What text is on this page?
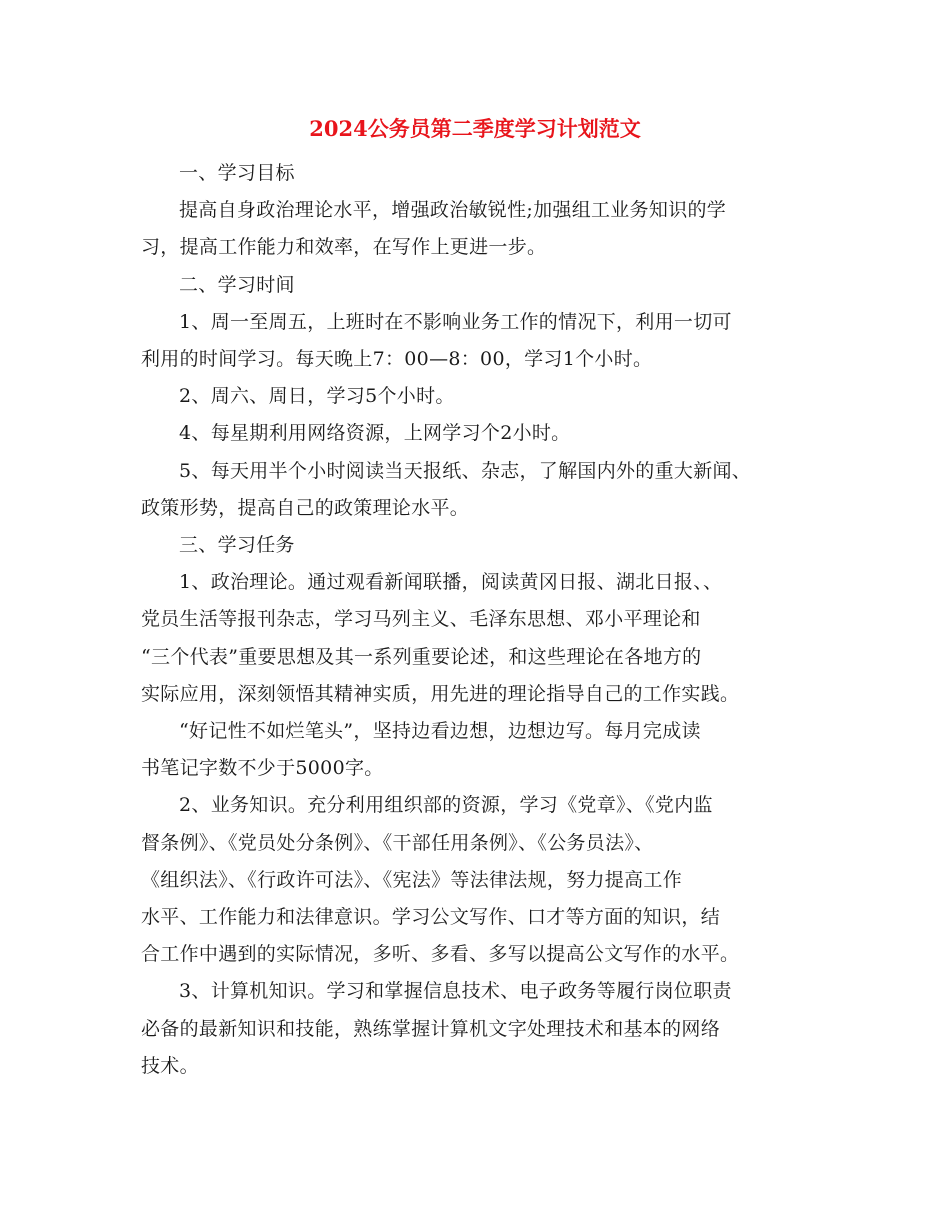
2024公务员第二季度学习计划范文
一、学习目标
提高自身政治理论水平，增强政治敏锐性;加强组工业务知识的学
习，提高工作能力和效率，在写作上更进一步。
二、学习时间
1、周一至周五，上班时在不影响业务工作的情况下，利用一切可
利用的时间学习。每天晚上7：00—8：00，学习1个小时。
2、周六、周日，学习5个小时。
4、每星期利用网络资源，上网学习个2小时。
5、每天用半个小时阅读当天报纸、杂志，了解国内外的重大新闻、
政策形势，提高自己的政策理论水平。
三、学习任务
1、政治理论。通过观看新闻联播，阅读黄冈日报、湖北日报、、
党员生活等报刊杂志，学习马列主义、毛泽东思想、邓小平理论和
“三个代表”重要思想及其一系列重要论述，和这些理论在各地方的
实际应用，深刻领悟其精神实质，用先进的理论指导自己的工作实践。
“好记性不如烂笔头”，坚持边看边想，边想边写。每月完成读
书笔记字数不少于5000字。
2、业务知识。充分利用组织部的资源，学习《党章》、《党内监
督条例》、《党员处分条例》、《干部任用条例》、《公务员法》、
《组织法》、《行政许可法》、《宪法》等法律法规，努力提高工作
水平、工作能力和法律意识。学习公文写作、口才等方面的知识，结
合工作中遇到的实际情况，多听、多看、多写以提高公文写作的水平。
3、计算机知识。学习和掌握信息技术、电子政务等履行岗位职责
必备的最新知识和技能，熟练掌握计算机文字处理技术和基本的网络
技术。
